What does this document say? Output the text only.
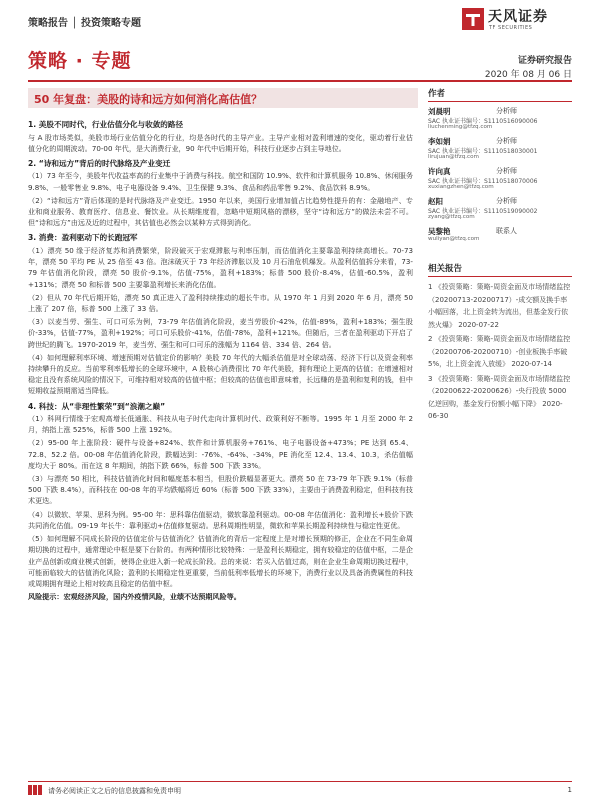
策略报告 │ 投资策略专题	天风证券
TF SECURITIES
策略 · 专题	证券研究报告
2020 年 08 月 06 日
50 年复盘：美股的诗和远方如何消化高估值？
1. 美股不同时代，行业估值分化与收敛的路径
与 A 股市场类似，美股市场行业估值分化的行业，均是各时代的主导产业。主导产业相对盈利增速的变化，驱动着行业估值分化的周期波动。70-00 年代，是大消费行业，90 年代中后期开始，科技行业逐步占到主导地位。
2. “诗和远方”背后的时代脉络及产业变迁
（1）73 年至今，美股年代收益率高的行业集中于消费与科技。航空和国防 10.9%、软件和计算机服务 10.8%、休闲服务 9.8%、一般零售业 9.8%、电子电器设备 9.4%、卫生保健 9.3%、食品和药品零售 9.2%、食品饮料 8.9%。
（2）“诗和远方”背后体现的是时代脉络及产业变迁。1950 年以来，美国行业增加值占比趋势性提升的有：金融地产、专业和商业服务、教育医疗、信息业、餐饮业。从长期维度看，忽略中短期风格的漂移，坚守“诗和远方”的做法未尝不可。但“诗和远方”由远及近的过程中，其估值也必然会以某种方式得到消化。
3. 消费：盈利驱动下的长跑冠军
（1）漂亮 50 缘于经济复苏和消费繁荣，阶段破灭于宏观滞胀与利率压制，而估值消化主要靠盈利持续高增长。70-73 年，漂亮 50 平均 PE 从 25 倍至 43 倍。泡沫破灭于 73 年经济滞胀以及 10 月石油危机爆发。从盈利估值拆分来看，73-79 年估值消化阶段，漂亮 50 股价-9.1%，估值-75%，盈利+183%；标普 500 股价-8.4%，估值-60.5%，盈利+131%；漂亮 50 和标普 500 主要靠盈利增长来消化估值。
（2）但从 70 年代后期开始，漂亮 50 真正进入了盈利持续推动的超长牛市。从 1970 年 1 月到 2020 年 6 月，漂亮 50 上涨了 207 倍，标普 500 上涨了 33 倍。
（3）以麦当劳、强生、可口可乐为例，73-79 年估值消化阶段，麦当劳股价-42%，估值-89%，盈利+183%；强生股价-33%，估值-77%，盈利+192%；可口可乐股价-41%，估值-78%，盈利+121%。但随后，三者在盈利驱动下开启了跨世纪的腾飞。1970-2019 年，麦当劳、强生和可口可乐的涨幅为 1164 倍、334 倍、264 倍。
（4）如何理解利率环境、增速预期对估值定价的影响？美股 70 年代的大幅杀估值是对全球动荡、经济下行以及资金利率持续攀升的反应。当前零利率低增长的全球环境中，A 股核心消费很比 70 年代美股，拥有理论上更高的估值；在增速相对稳定且没有系统风险的情况下，可维持相对较高的估值中枢；但较高的估值也即意味着，长远赚的是盈利和复利的钱，但中短期收益预期需适当降低。
4. 科技：从“非理性繁荣”到“浪潮之巅”
（1）科网行情缘于宏观高增长低通胀、科技从电子时代走向计算机时代、政策利好不断等。1995 年 1 月至 2000 年 2 月，纳指上涨 525%，标普 500 上涨 192%。
（2）95-00 年上涨阶段：硬件与设备+824%、软件和计算机服务+761%、电子电器设备+473%；PE 达到 65.4、72.8、52.2 倍。00-08 年估值消化阶段，跌幅达到：-76%、-64%、-34%，PE 消化至 12.4、13.4、10.3，杀估值幅度均大于 80%。而在这 8 年期间，纳指下跌 66%，标普 500 下跌 33%。
（3）与漂亮 50 相比，科技估值消化时间和幅度基本相当，但股价跌幅显著更大。漂亮 50 在 73-79 年下跌 9.1%（标普 500 下跌 8.4%），而科技在 00-08 年的平均跌幅将近 60%（标普 500 下跌 33%），主要由于消费盈利稳定，但科技有技术更迭。
（4）以微软、苹果、思科为例。95-00 年：思科靠估值驱动，微软靠盈利驱动。00-08 年估值消化：盈利增长+股价下跌共同消化估值。09-19 年长牛：靠利驱动+估值修复驱动。思科周期性明显，微软和苹果长期盈利持续性与稳定性更优。
（5）如何理解不同成长阶段的估值定价与估值消化？估值消化的背后一定程度上是对增长预期的修正，企业在不同生命周期切换的过程中，通常理论中枢是要下台阶的。有两种情形比较特殊：一是盈利长期稳定，拥有较稳定的估值中枢，二是企业产品创新或商业模式创新，使得企业进入新一轮成长阶段。总的来说：若买入估值过高，则在企业生命周期切换过程中，可能面临较大的估值消化风险；盈利的长期稳定性更重要，当前低利率低增长的环境下，消费行业以及具备消费属性的科技或周期拥有理论上相对较高且稳定的估值中枢。
风险提示：宏观经济风险，国内外疫情风险，业绩不达预期风险等。
作者
刘晨明	分析师
SAC 执业证书编号：S1110516090006
liuchenming@tfzq.com
李如娟	分析师
SAC 执业证书编号：S1110518030001
lirujuan@tfzq.com
许向真	分析师
SAC 执业证书编号：S1110518070006
xuxiangzhen@tfzq.com
赵阳	分析师
SAC 执业证书编号：S1110519090002
zyang@tfzq.com
吴黎艳	联系人
wuliyan@tfzq.com
相关报告
1 《投资策略：策略-周资金面及市场情绪监控（20200713-20200717）-成交额及换手率小幅回落，北上资金转为流出，但基金发行依然火爆》 2020-07-22
2 《投资策略：策略-周资金面及市场情绪监控（20200706-20200710）-创业板换手率破 5%，北上资金流入放缓》 2020-07-14
3 《投资策略：策略-周资金面及市场情绪监控（20200622-20200626）-央行投放 5000 亿逆回购，基金发行份额小幅下降》 2020-06-30
请务必阅读正文之后的信息披露和免责申明	1
